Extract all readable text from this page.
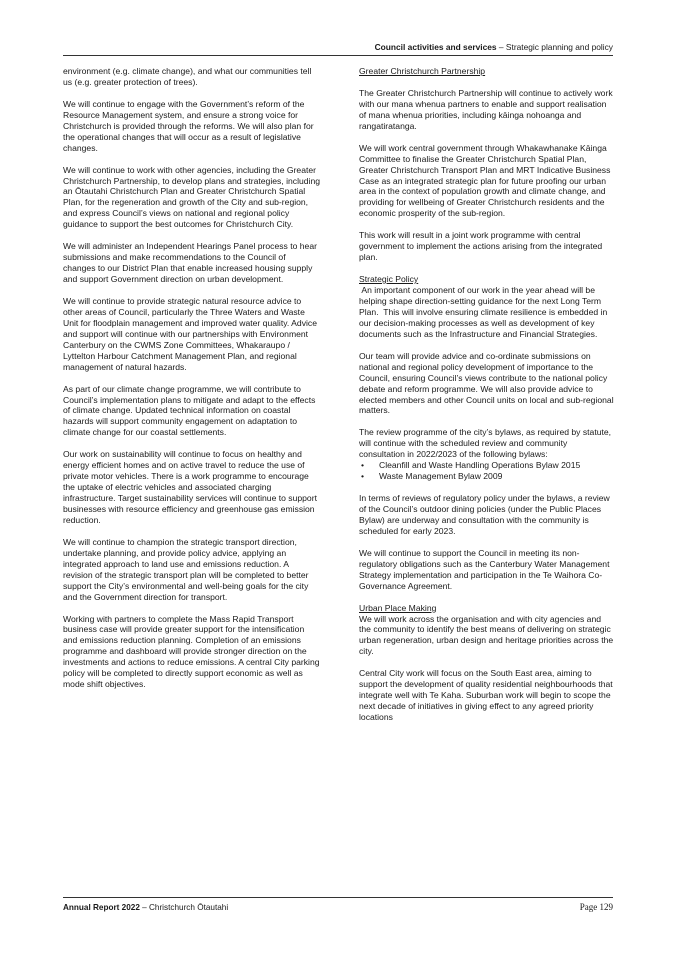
Council activities and services – Strategic planning and policy

environment (e.g. climate change), and what our communities tell us (e.g. greater protection of trees).

We will continue to engage with the Government’s reform of the Resource Management system, and ensure a strong voice for Christchurch is provided through the reforms. We will also plan for the operational changes that will occur as a result of legislative changes.

We will continue to work with other agencies, including the Greater Christchurch Partnership, to develop plans and strategies, including an Ōtautahi Christchurch Plan and Greater Christchurch Spatial Plan, for the regeneration and growth of the City and sub-region, and express Council’s views on national and regional policy guidance to support the best outcomes for Christchurch City.

We will administer an Independent Hearings Panel process to hear submissions and make recommendations to the Council of changes to our District Plan that enable increased housing supply and support Government direction on urban development.

We will continue to provide strategic natural resource advice to other areas of Council, particularly the Three Waters and Waste Unit for floodplain management and improved water quality. Advice and support will continue with our partnerships with Environment Canterbury on the CWMS Zone Committees, Whakaraupo / Lyttelton Harbour Catchment Management Plan, and regional management of natural hazards.

As part of our climate change programme, we will contribute to Council’s implementation plans to mitigate and adapt to the effects of climate change. Updated technical information on coastal hazards will support community engagement on adaptation to climate change for our coastal settlements.

Our work on sustainability will continue to focus on healthy and energy efficient homes and on active travel to reduce the use of private motor vehicles. There is a work programme to encourage the uptake of electric vehicles and associated charging infrastructure. Target sustainability services will continue to support businesses with resource efficiency and greenhouse gas emission reduction.

We will continue to champion the strategic transport direction, undertake planning, and provide policy advice, applying an integrated approach to land use and emissions reduction. A revision of the strategic transport plan will be completed to better support the City’s environmental and well-being goals for the city and the Government direction for transport.

Working with partners to complete the Mass Rapid Transport business case will provide greater support for the intensification and emissions reduction planning. Completion of an emissions programme and dashboard will provide stronger direction on the investments and actions to reduce emissions. A central City parking policy will be completed to directly support economic as well as mode shift objectives.

Greater Christchurch Partnership

The Greater Christchurch Partnership will continue to actively work with our mana whenua partners to enable and support realisation of mana whenua priorities, including kāinga nohoanga and rangatiratanga.

We will work central government through Whakawhanake Kāinga Committee to finalise the Greater Christchurch Spatial Plan, Greater Christchurch Transport Plan and MRT Indicative Business Case as an integrated strategic plan for future proofing our urban area in the context of population growth and climate change, and providing for wellbeing of Greater Christchurch residents and the economic prosperity of the sub-region.

This work will result in a joint work programme with central government to implement the actions arising from the integrated plan.

Strategic Policy

An important component of our work in the year ahead will be helping shape direction-setting guidance for the next Long Term Plan.  This will involve ensuring climate resilience is embedded in our decision-making processes as well as development of key documents such as the Infrastructure and Financial Strategies.

Our team will provide advice and co-ordinate submissions on national and regional policy development of importance to the Council, ensuring Council’s views contribute to the national policy debate and reform programme. We will also provide advice to elected members and other Council units on local and sub-regional matters.

The review programme of the city’s bylaws, as required by statute, will continue with the scheduled review and community consultation in 2022/2023 of the following bylaws:

• Cleanfill and Waste Handling Operations Bylaw 2015
• Waste Management Bylaw 2009

In terms of reviews of regulatory policy under the bylaws, a review of the Council’s outdoor dining policies (under the Public Places Bylaw) are underway and consultation with the community is scheduled for early 2023.

We will continue to support the Council in meeting its non-regulatory obligations such as the Canterbury Water Management Strategy implementation and participation in the Te Waihora Co-Governance Agreement.

Urban Place Making

We will work across the organisation and with city agencies and the community to identify the best means of delivering on strategic urban regeneration, urban design and heritage priorities across the city.

Central City work will focus on the South East area, aiming to support the development of quality residential neighbourhoods that integrate well with Te Kaha. Suburban work will begin to scope the next decade of initiatives in giving effect to any agreed priority locations

Annual Report 2022 – Christchurch Ōtautahi	Page 129
